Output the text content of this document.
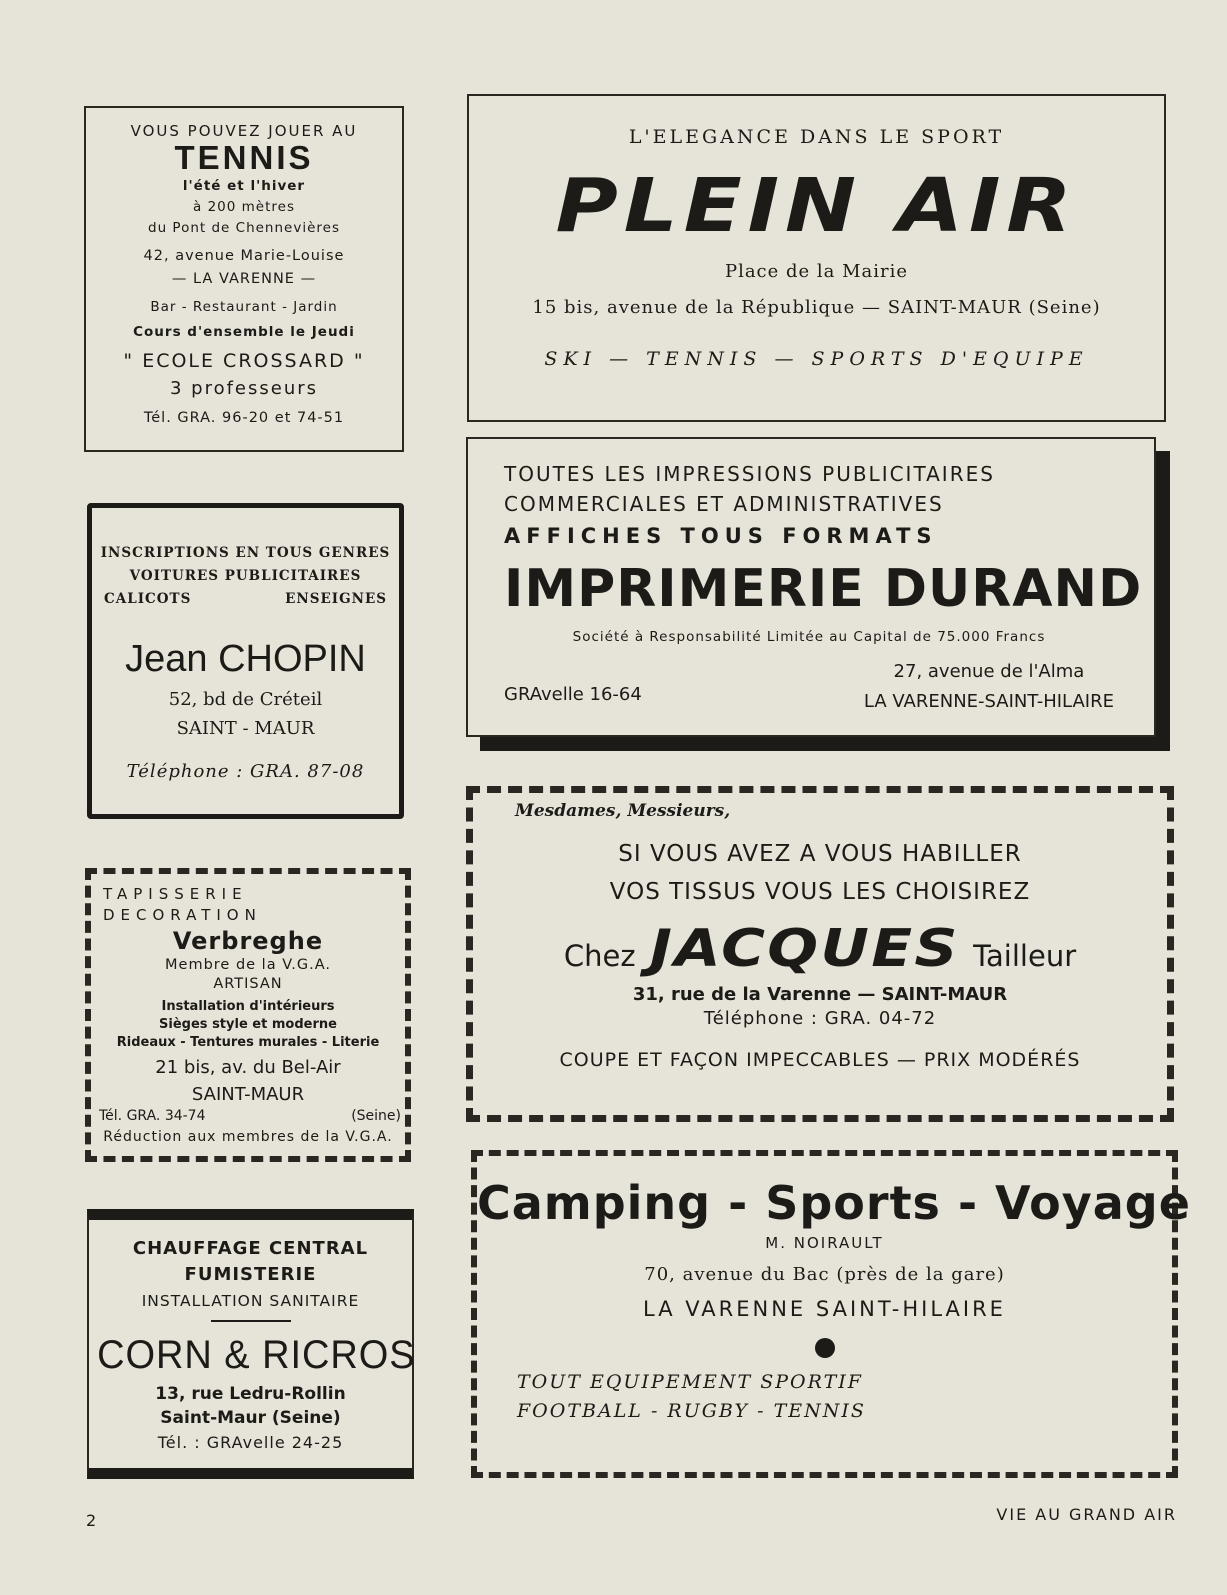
VOUS POUVEZ JOUER AU
TENNIS
l'été et l'hiver
à 200 mètres
du Pont de Chennevières
42, avenue Marie-Louise
— LA VARENNE —
Bar - Restaurant - Jardin
Cours d'ensemble le Jeudi
" ECOLE CROSSARD "
3 professeurs
Tél. GRA. 96-20 et 74-51
L'ELEGANCE DANS LE SPORT
PLEIN AIR
Place de la Mairie
15 bis, avenue de la République — SAINT-MAUR (Seine)
SKI — TENNIS — SPORTS D'EQUIPE
TOUTES LES IMPRESSIONS PUBLICITAIRES
COMMERCIALES ET ADMINISTRATIVES
AFFICHES TOUS FORMATS
IMPRIMERIE DURAND
Société à Responsabilité Limitée au Capital de 75.000 Francs
GRAvelle 16-64
27, avenue de l'Alma
LA VARENNE-SAINT-HILAIRE
INSCRIPTIONS EN TOUS GENRES
VOITURES PUBLICITAIRES
CALICOTS	ENSEIGNES
Jean CHOPIN
52, bd de Créteil
SAINT - MAUR
Téléphone : GRA. 87-08
Mesdames, Messieurs,
SI VOUS AVEZ A VOUS HABILLER
VOS TISSUS VOUS LES CHOISIREZ
Chez JACQUES Tailleur
31, rue de la Varenne — SAINT-MAUR
Téléphone : GRA. 04-72
COUPE ET FAÇON IMPECCABLES — PRIX MODÉRÉS
TAPISSERIE
DECORATION
Verbreghe
Membre de la V.G.A.
ARTISAN
Installation d'intérieurs
Sièges style et moderne
Rideaux - Tentures murales - Literie
21 bis, av. du Bel-Air
SAINT-MAUR
Tél. GRA. 34-74	(Seine)
Réduction aux membres de la V.G.A.
Camping - Sports - Voyage
M. NOIRAULT
70, avenue du Bac (près de la gare)
LA VARENNE SAINT-HILAIRE
TOUT EQUIPEMENT SPORTIF
FOOTBALL - RUGBY - TENNIS
CHAUFFAGE CENTRAL
FUMISTERIE
INSTALLATION SANITAIRE
CORN & RICROS
13, rue Ledru-Rollin
Saint-Maur (Seine)
Tél. : GRAvelle 24-25
2	VIE AU GRAND AIR
